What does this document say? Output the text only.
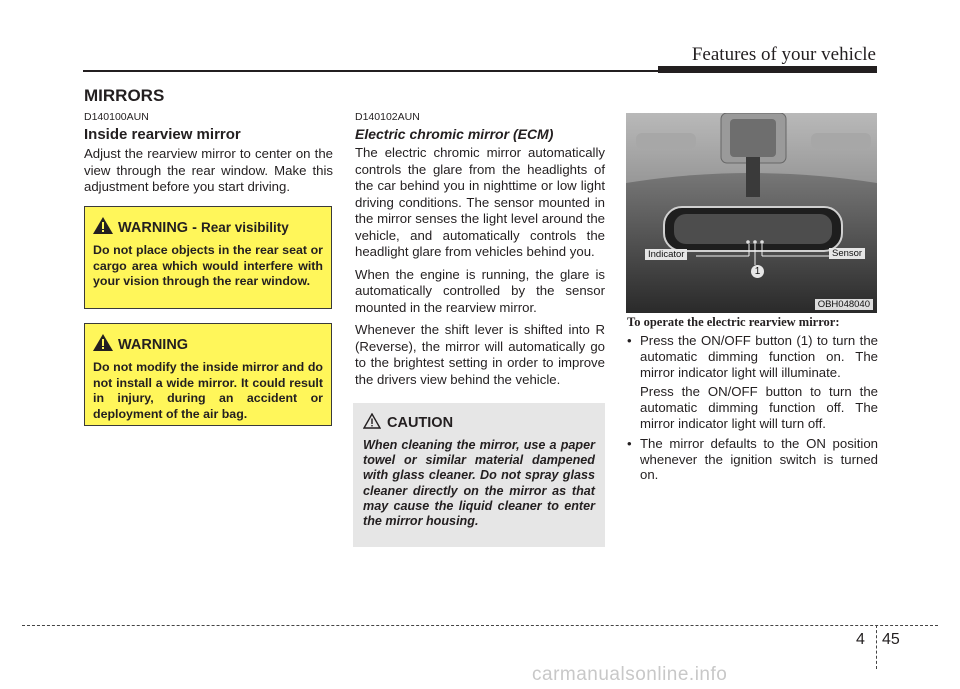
Features of your vehicle
MIRRORS
D140100AUN
Inside rearview mirror
Adjust the rearview mirror to center on the view through the rear window. Make this adjustment before you start driving.
WARNING -
Rear visibility
Do not place objects in the rear seat or cargo area which would interfere with your vision through the rear window.
WARNING
Do not modify the inside mirror and do not install a wide mirror. It could result in injury, during an accident or deployment of the air bag.
D140102AUN
Electric chromic mirror (ECM)

The electric chromic mirror automatically controls the glare from the headlights of the car behind you in nighttime or low light driving conditions. The sensor mounted in the mirror senses the light level around the vehicle, and automatically controls the headlight glare from vehicles behind you.

When the engine is running, the glare is automatically controlled by the sensor mounted in the rearview mirror.

Whenever the shift lever is shifted into R (Reverse), the mirror will automatically go to the brightest setting in order to improve the drivers view behind the vehicle.

CAUTION
When cleaning the mirror, use a paper towel or similar material dampened with glass cleaner. Do not spray glass cleaner directly on the mirror as that may cause the liquid cleaner to enter the mirror housing.
Indicator	Sensor
1
OBH048040
To operate the electric rearview mirror:
• Press the ON/OFF button (1) to turn the automatic dimming function on. The mirror indicator light will illuminate.

Press the ON/OFF button to turn the automatic dimming function off. The mirror indicator light will turn off.

• The mirror defaults to the ON position whenever the ignition switch is turned on.

4 45
carmanualsonline.info
